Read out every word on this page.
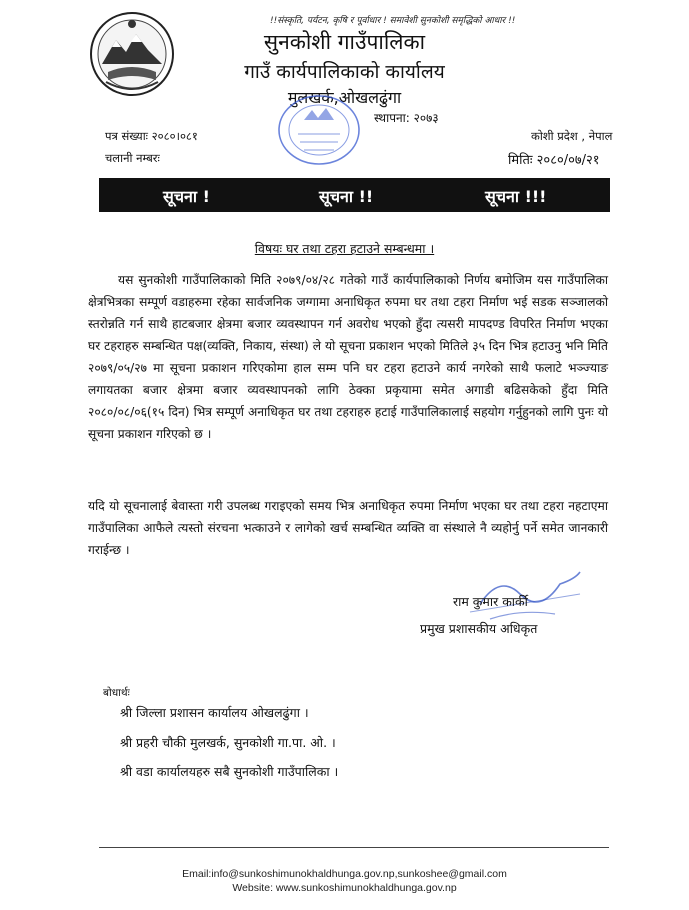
!!संस्कृति, पर्यटन, कृषि र पूर्वाधार ! समावेशी सुनकोशी समृद्धिको आधार !!
सुनकोशी गाउँपालिका
गाउँ कार्यपालिकाको कार्यालय
मुलखर्क,ओखलढुंगा
स्थापना: २०७३
पत्र संख्याः २०८०।०८१
चलानी नम्बरः
कोशी प्रदेश , नेपाल
मितिः २०८०/०७/२१
सूचना !	सूचना !!	सूचना !!!
विषयः घर तथा टहरा हटाउने सम्बन्धमा ।
यस सुनकोशी गाउँपालिकाको मिति २०७९/०४/२८ गतेको गाउँ कार्यपालिकाको निर्णय बमोजिम यस गाउँपालिका क्षेत्रभित्रका सम्पूर्ण वडाहरुमा रहेका सार्वजनिक जग्गामा अनाधिकृत रुपमा घर तथा टहरा निर्माण भई सडक सञ्जालको स्तरोन्नति गर्न साथै हाटबजार क्षेत्रमा बजार व्यवस्थापन गर्न अवरोध भएको हुँदा त्यसरी मापदण्ड विपरित निर्माण भएका घर टहराहरु सम्बन्धित पक्ष(व्यक्ति, निकाय, संस्था) ले यो सूचना प्रकाशन भएको मितिले ३५ दिन भित्र हटाउनु भनि मिति २०७९/०५/२७ मा सूचना प्रकाशन गरिएकोमा हाल सम्म पनि घर टहरा हटाउने कार्य नगरेको साथै फलाटे भञ्ज्याङ लगायतका बजार क्षेत्रमा बजार व्यवस्थापनको लागि ठेक्का प्रकृयामा समेत अगाडी बढिसकेको हुँदा मिति २०८०/०८/०६(१५ दिन) भित्र सम्पूर्ण अनाधिकृत घर तथा टहराहरु हटाई गाउँपालिकालाई सहयोग गर्नुहुनको लागि पुनः यो सूचना प्रकाशन गरिएको छ ।
यदि यो सूचनालाई बेवास्ता गरी उपलब्ध गराइएको समय भित्र अनाधिकृत रुपमा निर्माण भएका घर तथा टहरा नहटाएमा गाउँपालिका आफैले त्यस्तो संरचना भत्काउने र लागेको खर्च सम्बन्धित व्यक्ति वा संस्थाले नै व्यहोर्नु पर्ने समेत जानकारी गराईन्छ ।
राम कुमार कार्की
प्रमुख प्रशासकीय अधिकृत
बोधार्थः
श्री जिल्ला प्रशासन कार्यालय ओखलढुंगा ।
श्री प्रहरी चौकी मुलखर्क, सुनकोशी गा.पा. ओ. ।
श्री वडा कार्यालयहरु सबै सुनकोशी गाउँपालिका ।
Email:info@sunkoshimunokhaldhunga.gov.np,sunkoshee@gmail.com
Website: www.sunkoshimunokhaldhunga.gov.np
